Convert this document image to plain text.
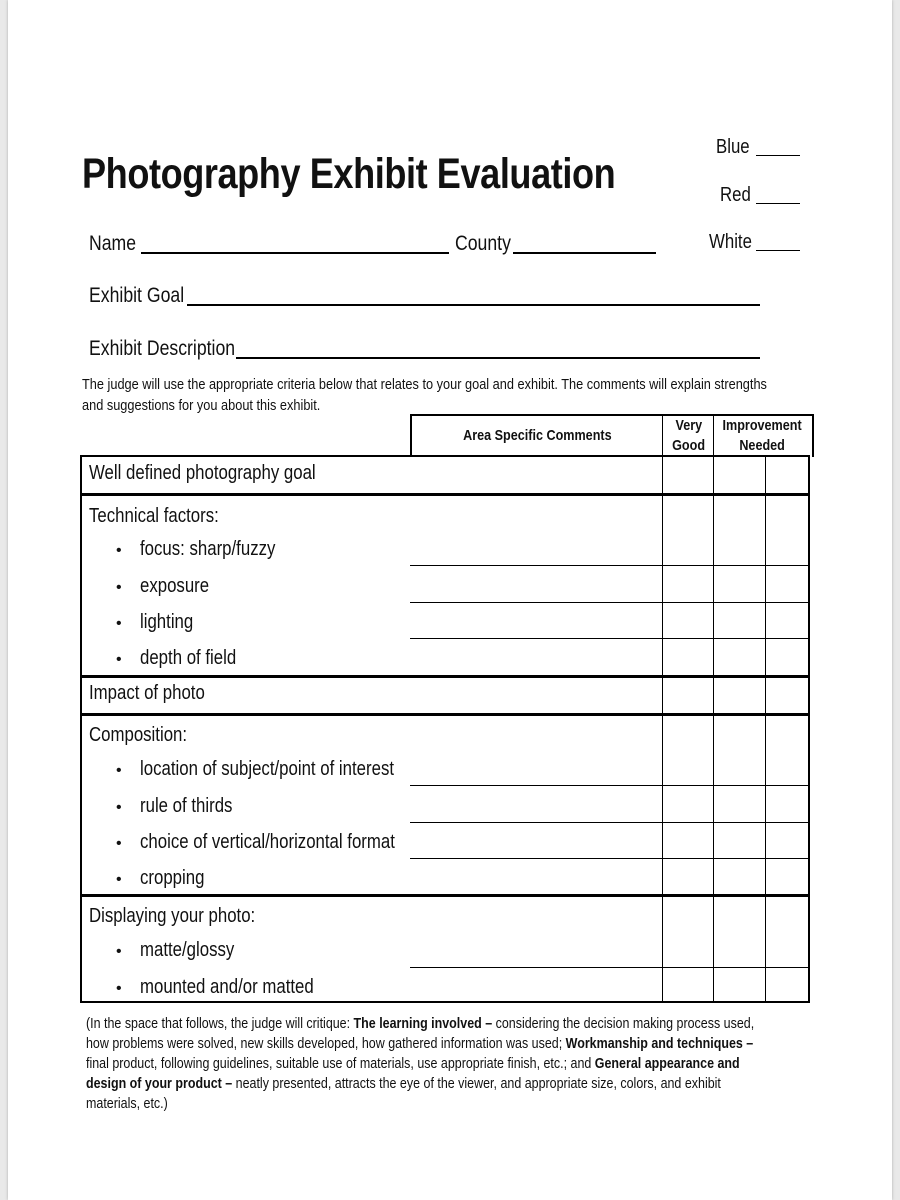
Photography Exhibit Evaluation
Blue
Red
White
Name	County
Exhibit Goal
Exhibit Description
The judge will use the appropriate criteria below that relates to your goal and exhibit. The comments will explain strengths
and suggestions for you about this exhibit.
Area Specific Comments
Very
Good
Improvement
Needed
Well defined photography goal
Technical factors:
• focus: sharp/fuzzy
• exposure
• lighting
• depth of field
Impact of photo
Composition:
• location of subject/point of interest
• rule of thirds
• choice of vertical/horizontal format
• cropping
Displaying your photo:
• matte/glossy
• mounted and/or matted
(In the space that follows, the judge will critique: The learning involved – considering the decision making process used,
how problems were solved, new skills developed, how gathered information was used; Workmanship and techniques –
final product, following guidelines, suitable use of materials, use appropriate finish, etc.; and General appearance and
design of your product – neatly presented, attracts the eye of the viewer, and appropriate size, colors, and exhibit
materials, etc.)
